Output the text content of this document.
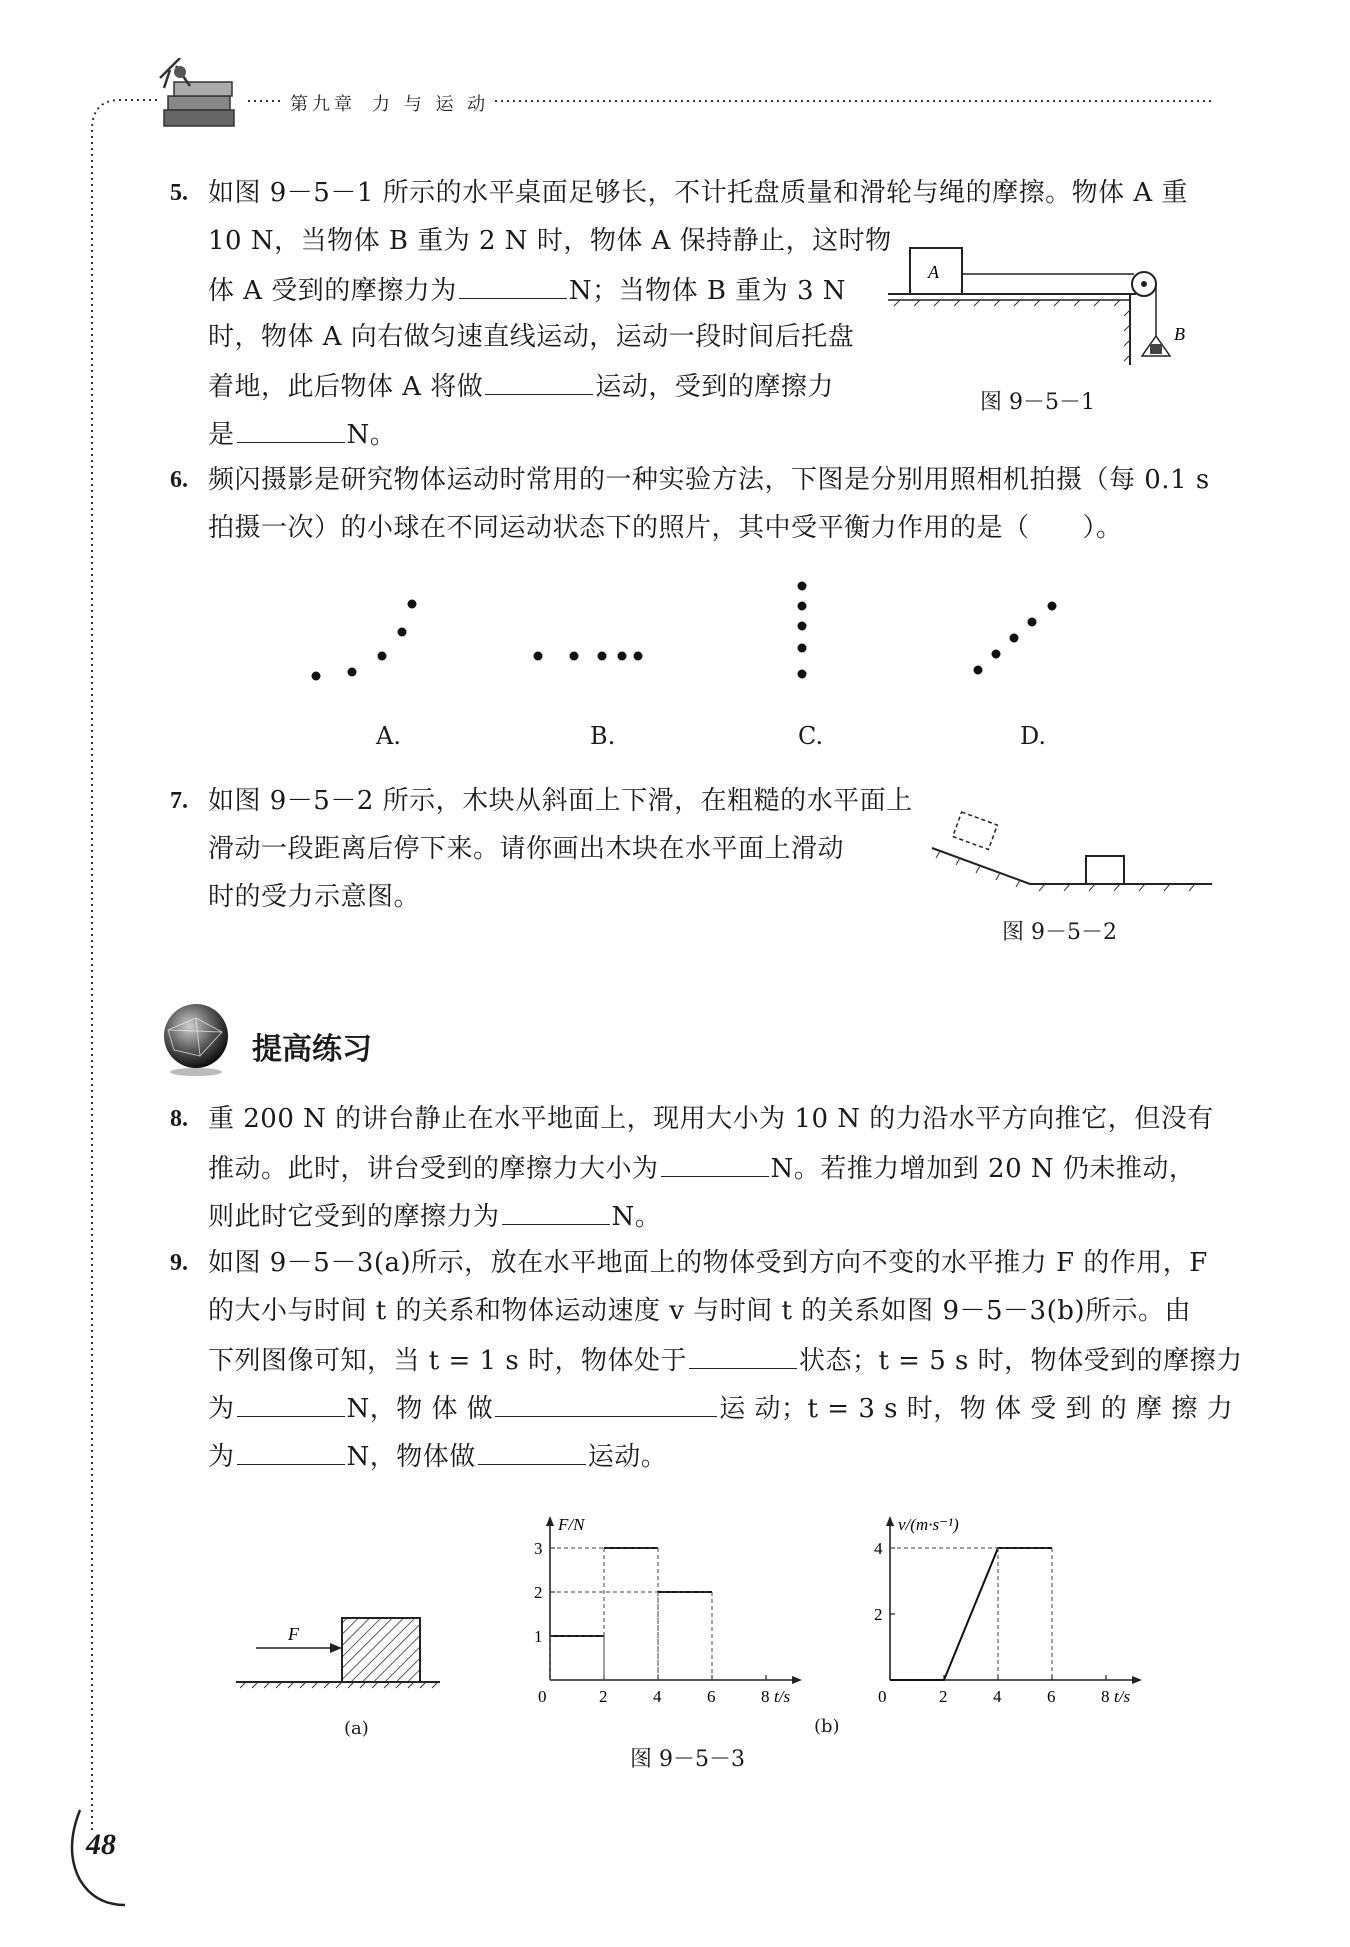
第九章 力 与 运 动
5. 如图 9－5－1 所示的水平桌面足够长，不计托盘质量和滑轮与绳的摩擦。物体 A 重
10 N，当物体 B 重为 2 N 时，物体 A 保持静止，这时物
体 A 受到的摩擦力为	N；当物体 B 重为 3 N
时，物体 A 向右做匀速直线运动，运动一段时间后托盘
着地，此后物体 A 将做	运动，受到的摩擦力
是	N。
A
B
图 9－5－1
6. 频闪摄影是研究物体运动时常用的一种实验方法，下图是分别用照相机拍摄（每 0.1 s
拍摄一次）的小球在不同运动状态下的照片，其中受平衡力作用的是（　　）。
A.	B.	C.	D.
7. 如图 9－5－2 所示，木块从斜面上下滑，在粗糙的水平面上
滑动一段距离后停下来。请你画出木块在水平面上滑动
时的受力示意图。
图 9－5－2
提高练习
8. 重 200 N 的讲台静止在水平地面上，现用大小为 10 N 的力沿水平方向推它，但没有
推动。此时，讲台受到的摩擦力大小为	N。若推力增加到 20 N 仍未推动，
则此时它受到的摩擦力为	N。
9. 如图 9－5－3(a)所示，放在水平地面上的物体受到方向不变的水平推力 F 的作用，F
的大小与时间 t 的关系和物体运动速度 v 与时间 t 的关系如图 9－5－3(b)所示。由
下列图像可知，当 t = 1 s 时，物体处于	状态；t = 5 s 时，物体受到的摩擦力
为	N，物 体 做	运 动；t = 3 s 时，物 体 受 到 的 摩 擦 力
为	N，物体做	运动。
F
(a)
F/N
t/s
0	2	4	6	8
1
2
3
v/(m·s⁻¹)
t/s
0	2	4	6	8
2
4
(b)
图 9－5－3
48
